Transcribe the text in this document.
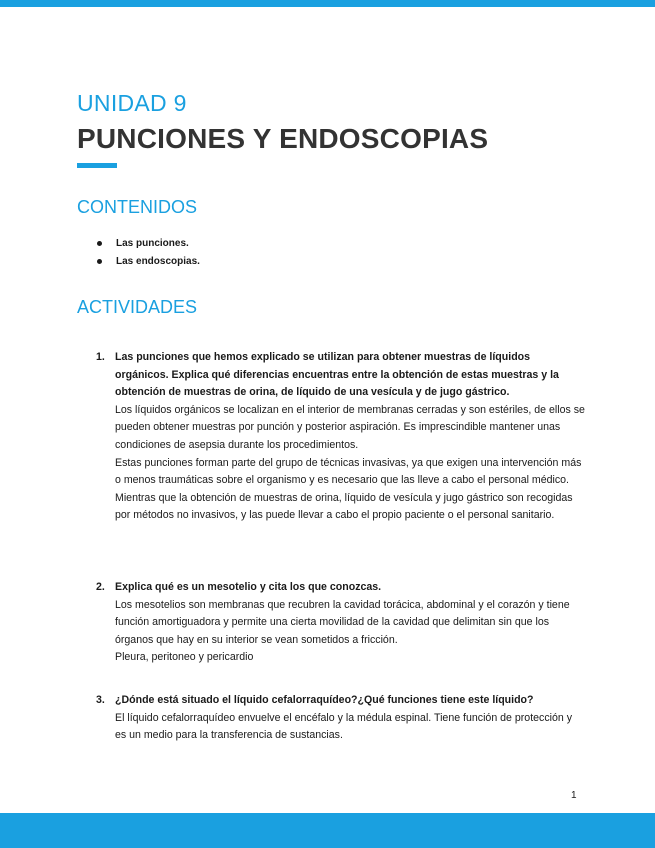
UNIDAD 9
PUNCIONES Y ENDOSCOPIAS
CONTENIDOS
Las punciones.
Las endoscopias.
ACTIVIDADES
1. Las punciones que hemos explicado se utilizan para obtener muestras de líquidos orgánicos. Explica qué diferencias encuentras entre la obtención de estas muestras y la obtención de muestras de orina, de líquido de una vesícula y de jugo gástrico.
Los líquidos orgánicos se localizan en el interior de membranas cerradas y son estériles, de ellos se pueden obtener muestras por punción y posterior aspiración. Es imprescindible mantener unas condiciones de asepsia durante los procedimientos.
Estas punciones forman parte del grupo de técnicas invasivas, ya que exigen una intervención más o menos traumáticas sobre el organismo y es necesario que las lleve a cabo el personal médico.
Mientras que la obtención de muestras de orina, líquido de vesícula y jugo gástrico son recogidas por métodos no invasivos, y las puede llevar a cabo el propio paciente o el personal sanitario.
2. Explica qué es un mesotelio y cita los que conozcas.
Los mesotelios son membranas que recubren la cavidad torácica, abdominal y el corazón y tiene función amortiguadora y permite una cierta movilidad de la cavidad que delimitan sin que los órganos que hay en su interior se vean sometidos a fricción.
Pleura, peritoneo y pericardio
3. ¿Dónde está situado el líquido cefalorraquídeo?¿Qué funciones tiene este líquido?
El líquido cefalorraquídeo envuelve el encéfalo y la médula espinal. Tiene función de protección y es un medio para la transferencia de sustancias.
1
